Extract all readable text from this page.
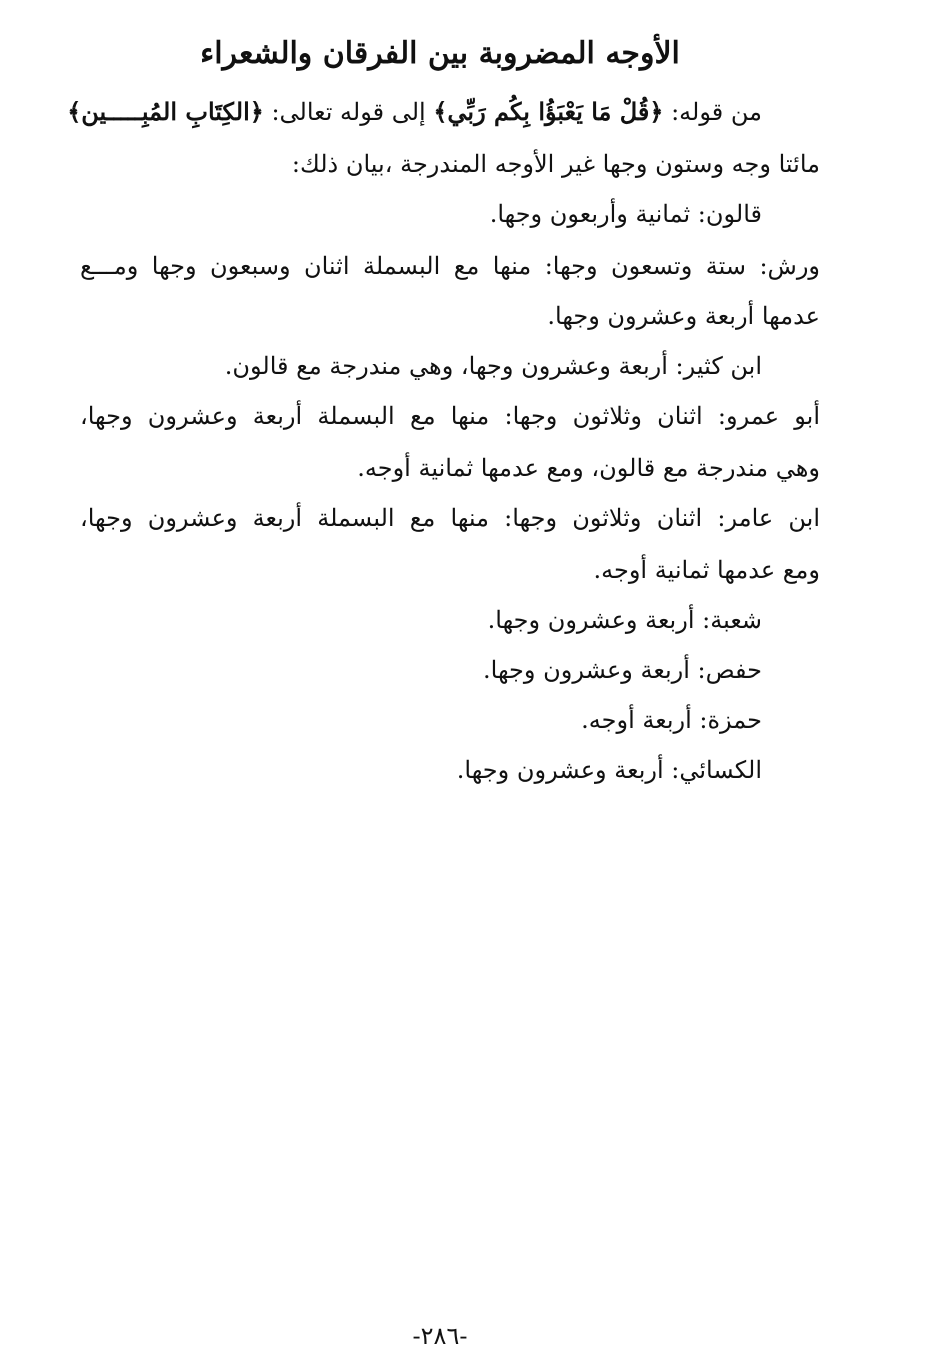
الأوجه المضروبة بين الفرقان والشعراء

من قوله: ﴿قُلْ مَا يَعْبَؤُا بِكُم رَبِّي﴾ إلى قوله تعالى: ﴿الكِتَابِ المُبِـــــين﴾

مائتا وجه وستون وجها غير الأوجه المندرجة ،بيان ذلك:

قالون: ثمانية وأربعون وجها.

ورش: ستة وتسعون وجها: منها مع البسملة اثنان وسبعون وجها ومـــع

عدمها أربعة وعشرون وجها.

ابن كثير: أربعة وعشرون وجها، وهي مندرجة مع قالون.

أبو عمرو: اثنان وثلاثون وجها: منها مع البسملة أربعة وعشرون وجها،

وهي مندرجة مع قالون، ومع عدمها ثمانية أوجه.

ابن عامر: اثنان وثلاثون وجها: منها مع البسملة أربعة وعشرون وجها،

ومع عدمها ثمانية أوجه.

شعبة: أربعة وعشرون وجها.

حفص: أربعة وعشرون وجها.

حمزة: أربعة أوجه.

الكسائي: أربعة وعشرون وجها.

-٢٨٦-
